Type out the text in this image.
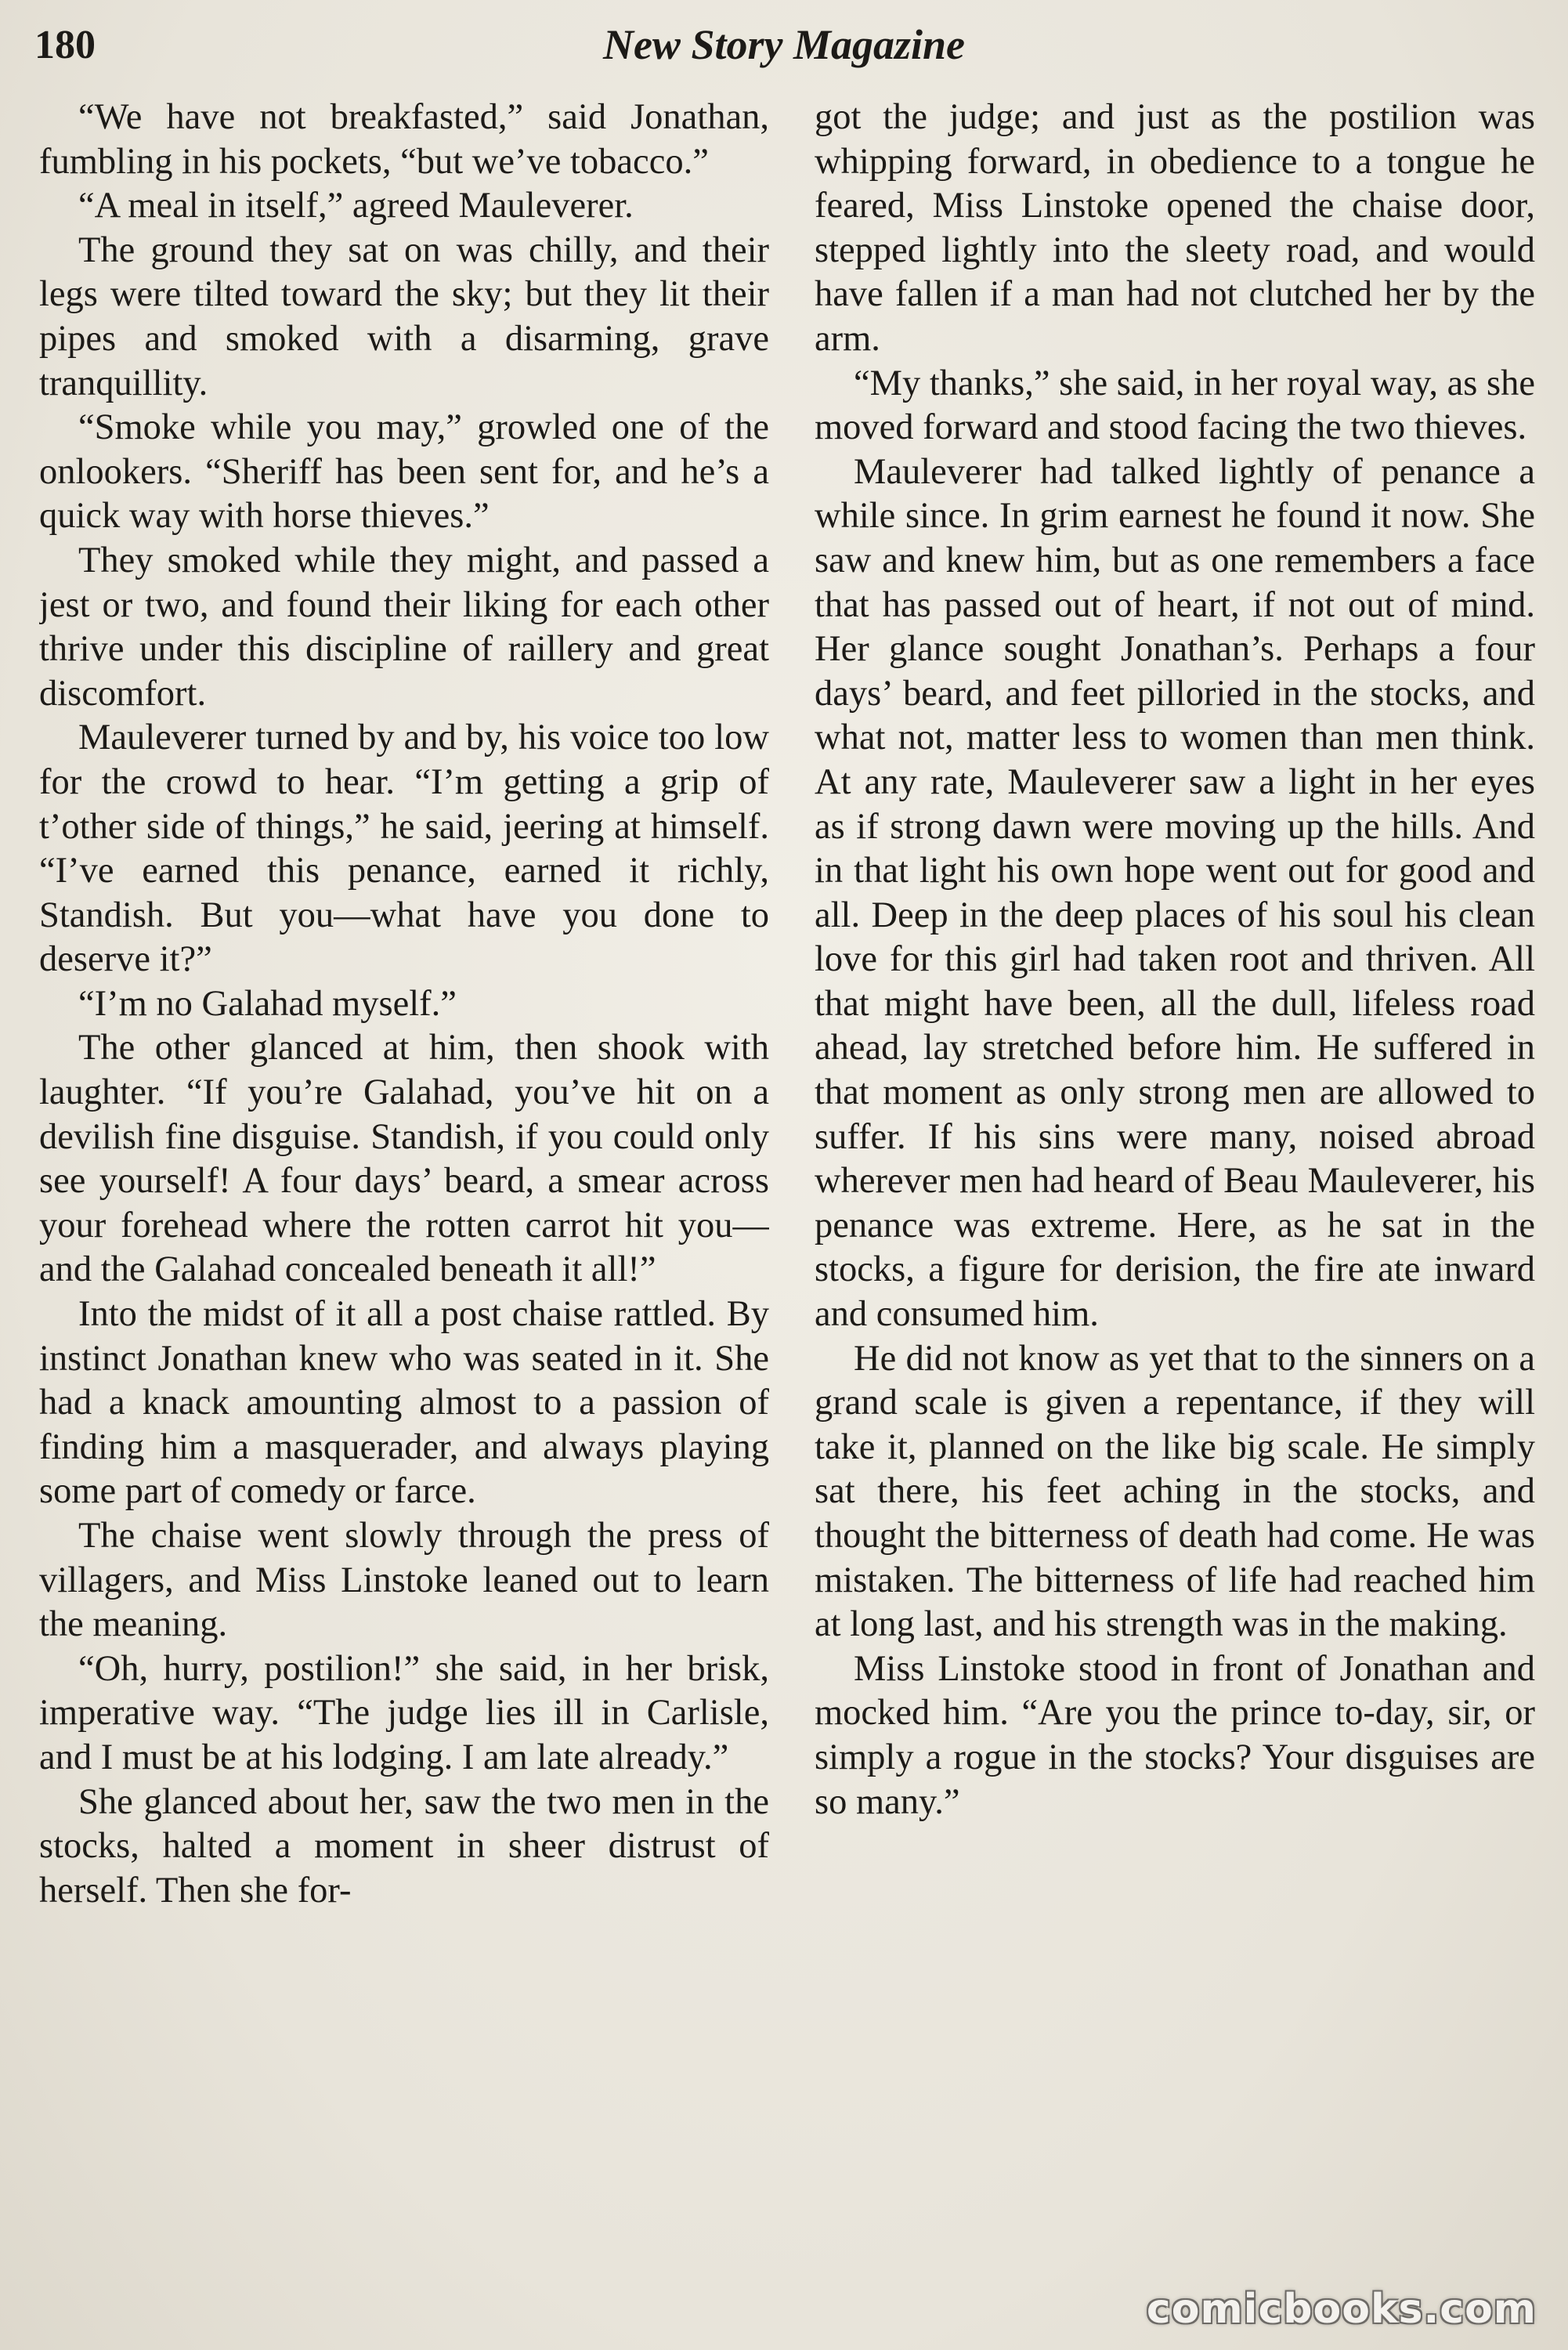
180	New Story Magazine

“We have not breakfasted,” said Jonathan, fumbling in his pockets, “but we’ve tobacco.”

“A meal in itself,” agreed Mauleverer.

The ground they sat on was chilly, and their legs were tilted toward the sky; but they lit their pipes and smoked with a disarming, grave tranquillity.

“Smoke while you may,” growled one of the onlookers. “Sheriff has been sent for, and he’s a quick way with horse thieves.”

They smoked while they might, and passed a jest or two, and found their liking for each other thrive under this discipline of raillery and great discomfort.

Mauleverer turned by and by, his voice too low for the crowd to hear. “I’m getting a grip of t’other side of things,” he said, jeering at himself. “I’ve earned this penance, earned it richly, Standish. But you—what have you done to deserve it?”

“I’m no Galahad myself.”

The other glanced at him, then shook with laughter. “If you’re Galahad, you’ve hit on a devilish fine disguise. Standish, if you could only see yourself! A four days’ beard, a smear across your forehead where the rotten carrot hit you—and the Galahad concealed beneath it all!”

Into the midst of it all a post chaise rattled. By instinct Jonathan knew who was seated in it. She had a knack amounting almost to a passion of finding him a masquerader, and always playing some part of comedy or farce.

The chaise went slowly through the press of villagers, and Miss Linstoke leaned out to learn the meaning.

“Oh, hurry, postilion!” she said, in her brisk, imperative way. “The judge lies ill in Carlisle, and I must be at his lodging. I am late already.”

She glanced about her, saw the two men in the stocks, halted a moment in sheer distrust of herself. Then she for-

got the judge; and just as the postilion was whipping forward, in obedience to a tongue he feared, Miss Linstoke opened the chaise door, stepped lightly into the sleety road, and would have fallen if a man had not clutched her by the arm.

“My thanks,” she said, in her royal way, as she moved forward and stood facing the two thieves.

Mauleverer had talked lightly of penance a while since. In grim earnest he found it now. She saw and knew him, but as one remembers a face that has passed out of heart, if not out of mind. Her glance sought Jonathan’s. Perhaps a four days’ beard, and feet pilloried in the stocks, and what not, matter less to women than men think. At any rate, Mauleverer saw a light in her eyes as if strong dawn were moving up the hills. And in that light his own hope went out for good and all. Deep in the deep places of his soul his clean love for this girl had taken root and thriven. All that might have been, all the dull, lifeless road ahead, lay stretched before him. He suffered in that moment as only strong men are allowed to suffer. If his sins were many, noised abroad wherever men had heard of Beau Mauleverer, his penance was extreme. Here, as he sat in the stocks, a figure for derision, the fire ate inward and consumed him.

He did not know as yet that to the sinners on a grand scale is given a repentance, if they will take it, planned on the like big scale. He simply sat there, his feet aching in the stocks, and thought the bitterness of death had come. He was mistaken. The bitterness of life had reached him at long last, and his strength was in the making.

Miss Linstoke stood in front of Jonathan and mocked him. “Are you the prince to-day, sir, or simply a rogue in the stocks? Your disguises are so many.”

comicbooks.com
